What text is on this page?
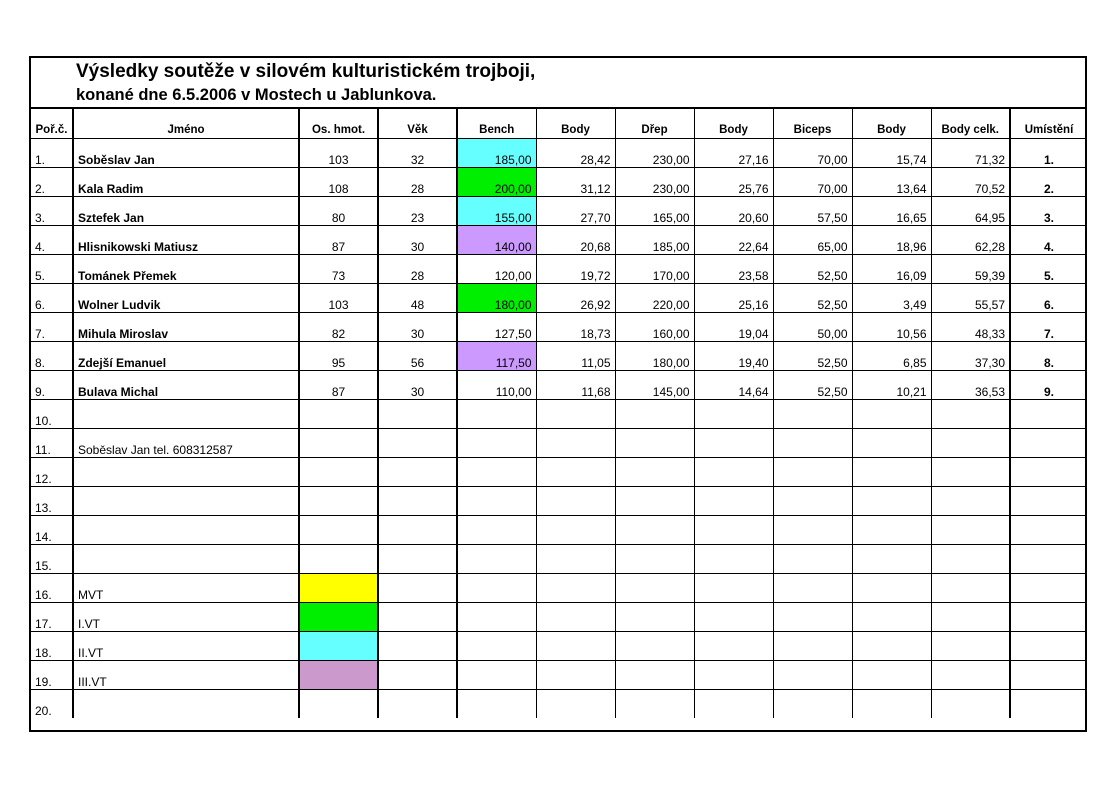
Výsledky soutěže v silovém kulturistickém trojboji,
konané dne 6.5.2006 v Mostech u Jablunkova.
Poř.č.	Jméno	Os. hmot.	Věk	Bench	Body	Dřep	Body	Biceps	Body	Body celk.	Umístění
1.	Soběslav Jan	103	32	185,00	28,42	230,00	27,16	70,00	15,74	71,32	1.
2.	Kala Radim	108	28	200,00	31,12	230,00	25,76	70,00	13,64	70,52	2.
3.	Sztefek Jan	80	23	155,00	27,70	165,00	20,60	57,50	16,65	64,95	3.
4.	Hlisnikowski Matiusz	87	30	140,00	20,68	185,00	22,64	65,00	18,96	62,28	4.
5.	Tománek Přemek	73	28	120,00	19,72	170,00	23,58	52,50	16,09	59,39	5.
6.	Wolner Ludvik	103	48	180,00	26,92	220,00	25,16	52,50	3,49	55,57	6.
7.	Mihula Miroslav	82	30	127,50	18,73	160,00	19,04	50,00	10,56	48,33	7.
8.	Zdejší Emanuel	95	56	117,50	11,05	180,00	19,40	52,50	6,85	37,30	8.
9.	Bulava Michal	87	30	110,00	11,68	145,00	14,64	52,50	10,21	36,53	9.
10.											
11.	Soběslav Jan tel. 608312587										
12.											
13.											
14.											
15.											
16.	MVT										
17.	I.VT										
18.	II.VT										
19.	III.VT										
20.											
